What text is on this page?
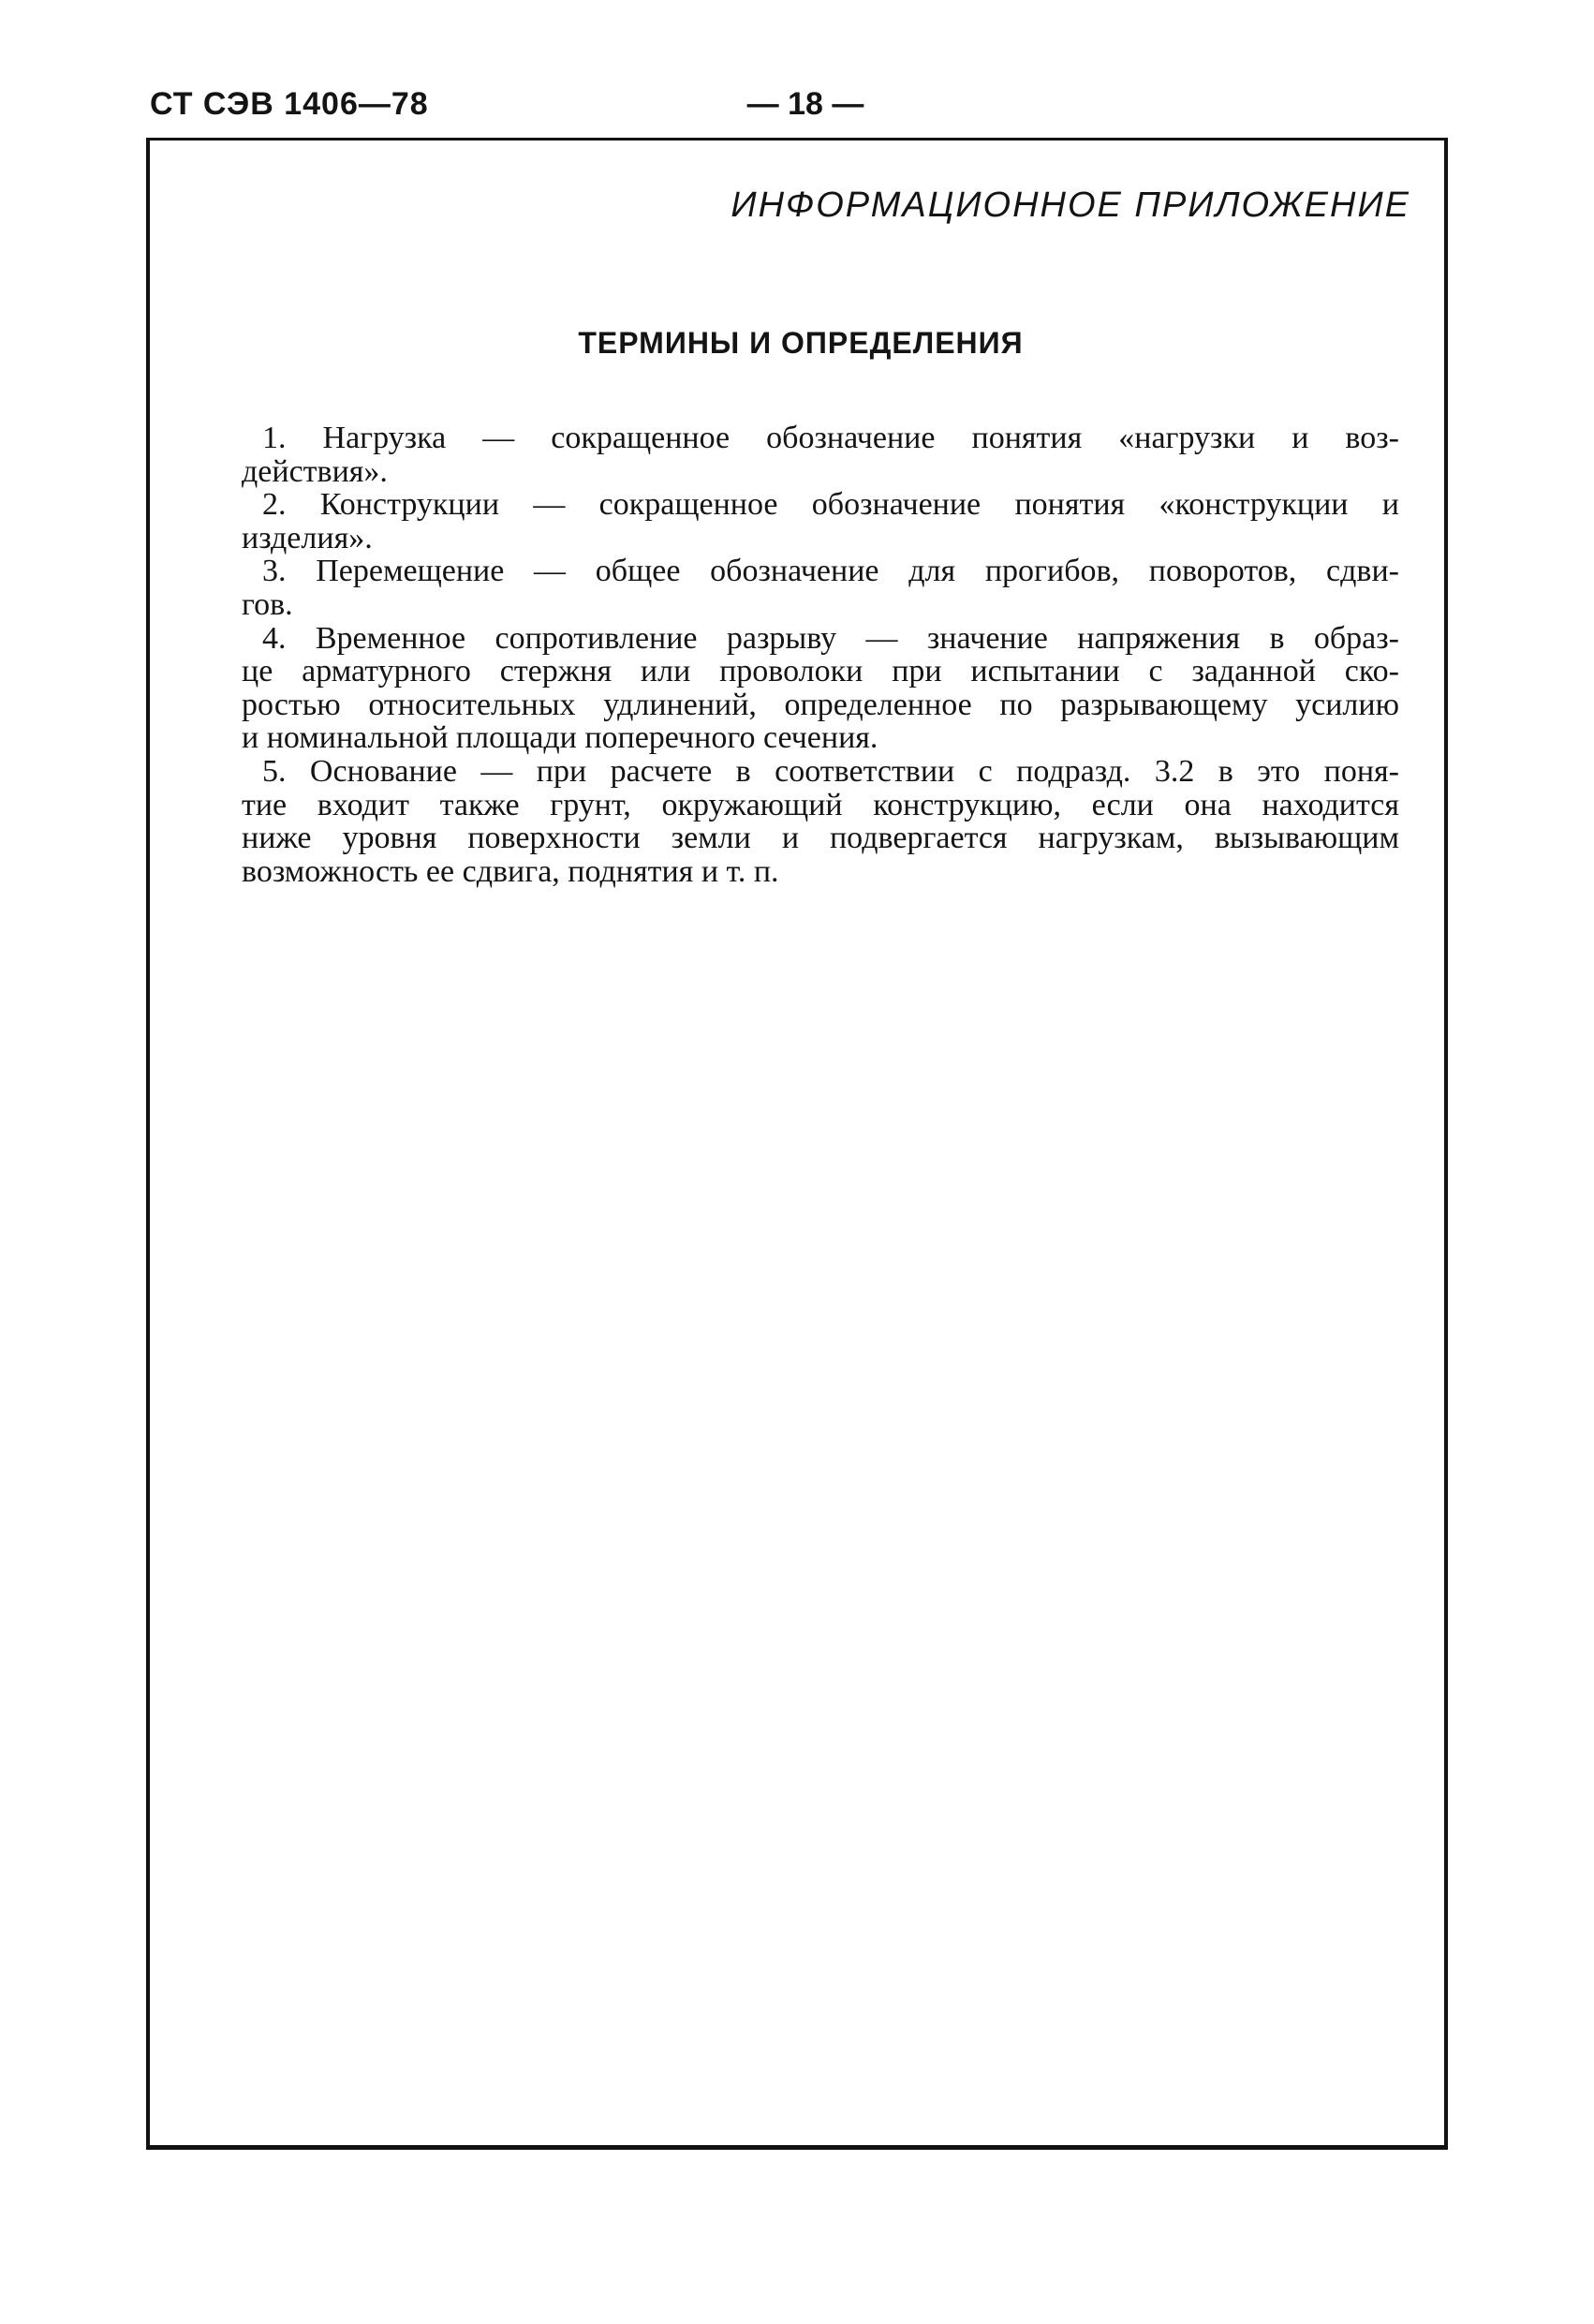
СТ СЭВ 1406—78	— 18 —
ИНФОРМАЦИОННОЕ ПРИЛОЖЕНИЕ
ТЕРМИНЫ И ОПРЕДЕЛЕНИЯ

1. Нагрузка — сокращенное обозначение понятия «нагрузки и воз-
действия».

2. Конструкции — сокращенное обозначение понятия «конструкции и
изделия».

3. Перемещение — общее обозначение для прогибов, поворотов, сдви-
гов.

4. Временное сопротивление разрыву — значение напряжения в образ-
це арматурного стержня или проволоки при испытании с заданной ско-
ростью относительных удлинений, определенное по разрывающему усилию
и номинальной площади поперечного сечения.

5. Основание — при расчете в соответствии с подразд. 3.2 в это поня-
тие входит также грунт, окружающий конструкцию, если она находится
ниже уровня поверхности земли и подвергается нагрузкам, вызывающим
возможность ее сдвига, поднятия и т. п.
